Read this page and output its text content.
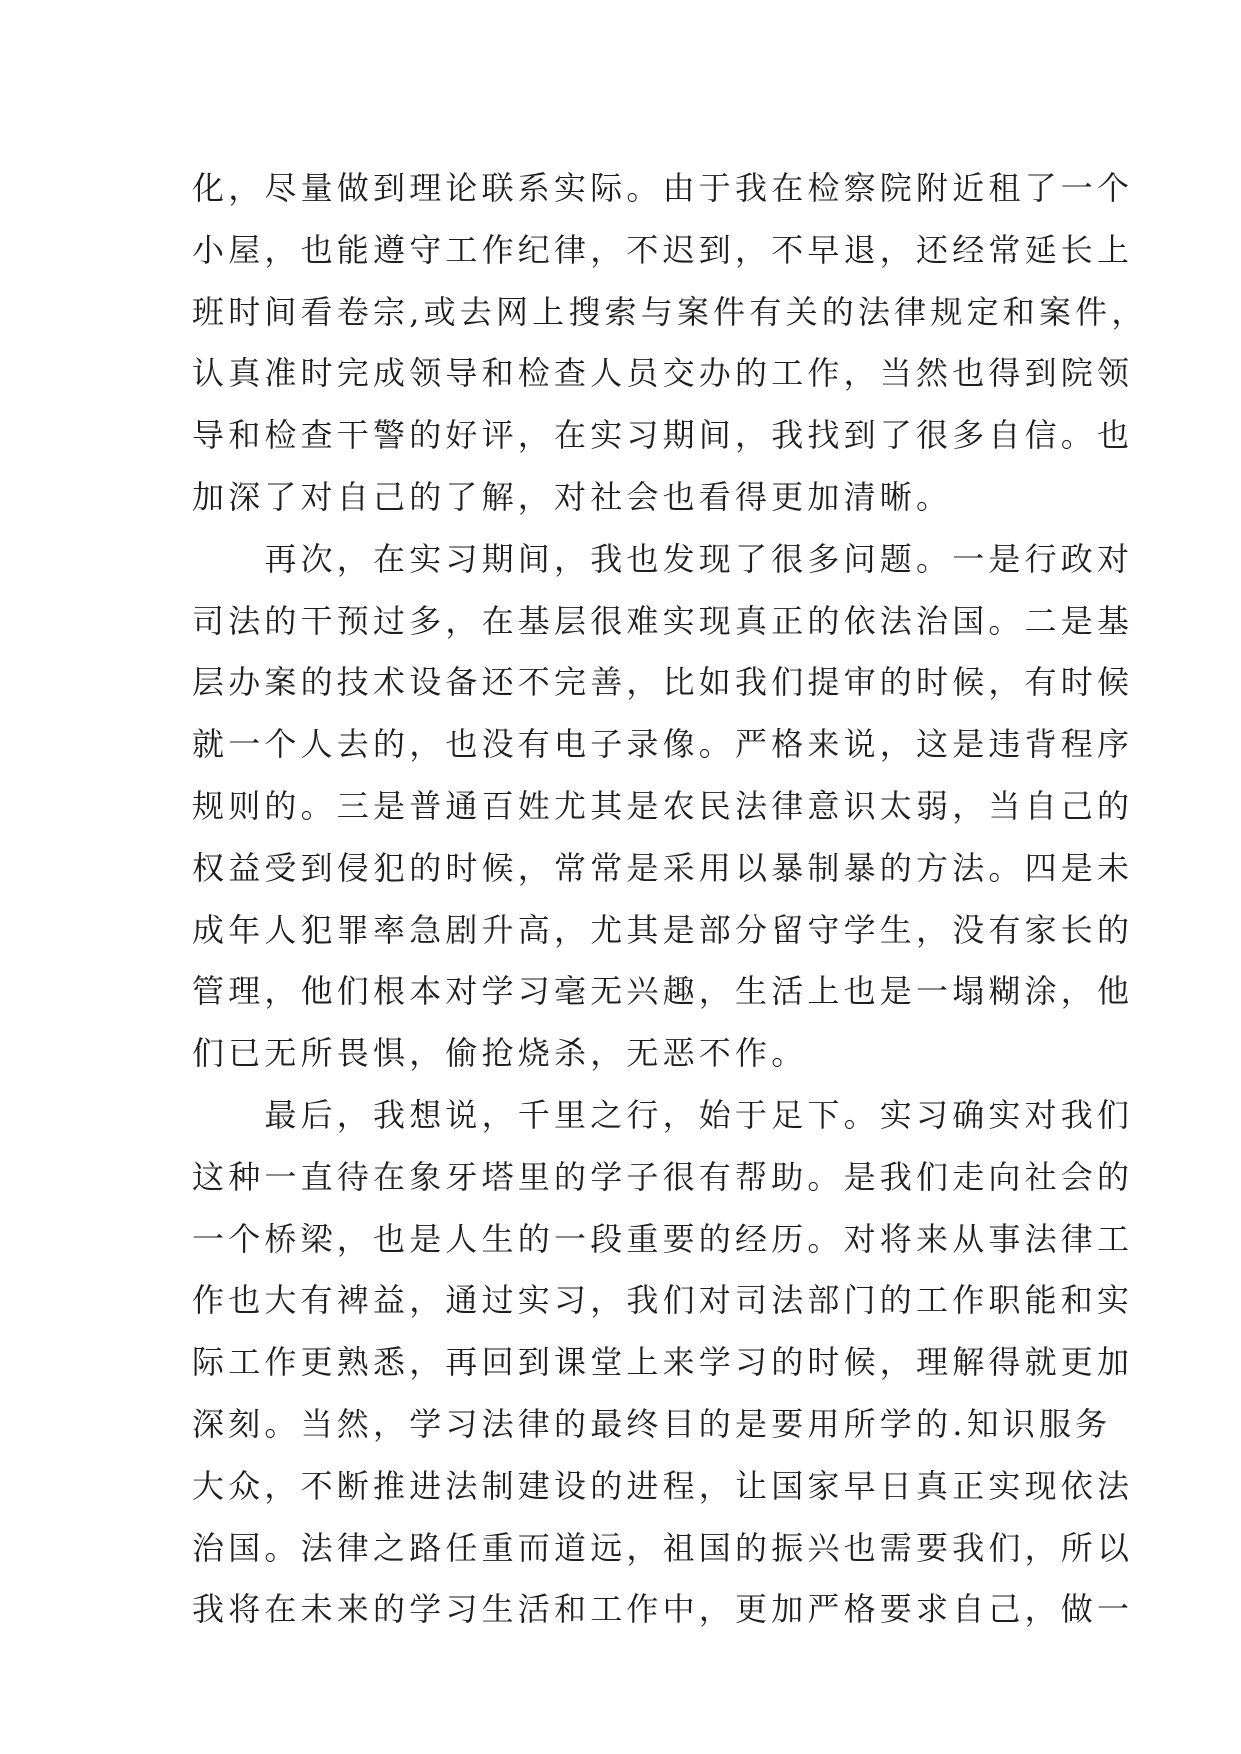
化，尽量做到理论联系实际。由于我在检察院附近租了一个
小屋，也能遵守工作纪律，不迟到，不早退，还经常延长上
班时间看卷宗,或去网上搜索与案件有关的法律规定和案件，
认真准时完成领导和检查人员交办的工作，当然也得到院领
导和检查干警的好评，在实习期间，我找到了很多自信。也
加深了对自己的了解，对社会也看得更加清晰。
　　再次，在实习期间，我也发现了很多问题。一是行政对
司法的干预过多，在基层很难实现真正的依法治国。二是基
层办案的技术设备还不完善，比如我们提审的时候，有时候
就一个人去的，也没有电子录像。严格来说，这是违背程序
规则的。三是普通百姓尤其是农民法律意识太弱，当自己的
权益受到侵犯的时候，常常是采用以暴制暴的方法。四是未
成年人犯罪率急剧升高，尤其是部分留守学生，没有家长的
管理，他们根本对学习毫无兴趣，生活上也是一塌糊涂，他
们已无所畏惧，偷抢烧杀，无恶不作。
　　最后，我想说，千里之行，始于足下。实习确实对我们
这种一直待在象牙塔里的学子很有帮助。是我们走向社会的
一个桥梁，也是人生的一段重要的经历。对将来从事法律工
作也大有裨益，通过实习，我们对司法部门的工作职能和实
际工作更熟悉，再回到课堂上来学习的时候，理解得就更加
深刻。当然，学习法律的最终目的是要用所学的.知识服务
大众，不断推进法制建设的进程，让国家早日真正实现依法
治国。法律之路任重而道远，祖国的振兴也需要我们，所以
我将在未来的学习生活和工作中，更加严格要求自己，做一
